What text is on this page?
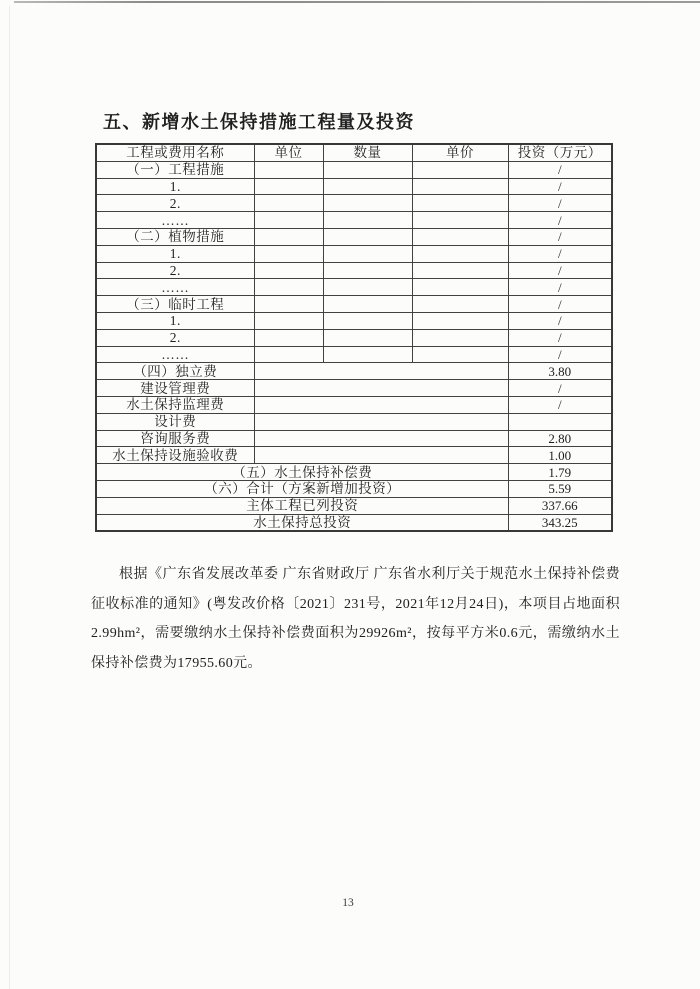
五、新增水土保持措施工程量及投资
工程或费用名称	单位	数量	单价	投资（万元）
（一）工程措施				/
1.				/
2.				/
……				/
（二）植物措施				/
1.				/
2.				/
……				/
（三）临时工程				/
1.				/
2.				/
……				/
（四）独立费				3.80
建设管理费				/
水土保持监理费				/
设计费				
咨询服务费				2.80
水土保持设施验收费				1.00
（五）水土保持补偿费				1.79
（六）合计（方案新增加投资）				5.59
主体工程已列投资				337.66
水土保持总投资				343.25
根据《广东省发展改革委 广东省财政厅 广东省水利厅关于规范水土保持补偿费征收标准的通知》(粤发改价格〔2021〕231号，2021年12月24日)，本项目占地面积2.99hm²，需要缴纳水土保持补偿费面积为29926m²，按每平方米0.6元，需缴纳水土保持补偿费为17955.60元。
13
